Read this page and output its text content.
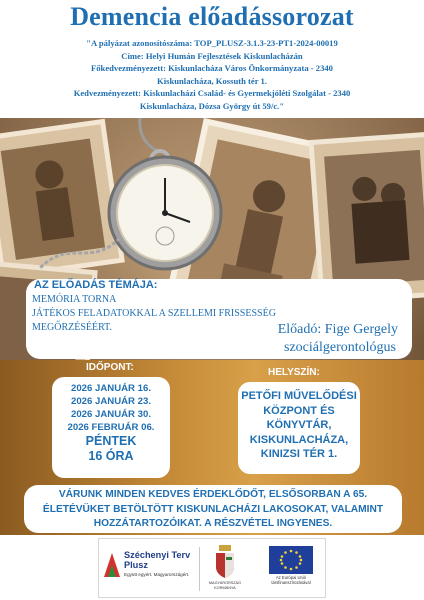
Demencia előadássorozat
"A pályázat azonosítószáma: TOP_PLUSZ-3.1.3-23-PT1-2024-00019
Címe: Helyi Humán Fejlesztések Kiskunlacházán
Főkedvezményezett: Kiskunlacháza Város Önkormányzata - 2340
Kiskunlacháza, Kossuth tér 1.
Kedvezményezett: Kiskunlacházi Család- és Gyermekjóléti Szolgálat - 2340
Kiskunlacháza, Dózsa György út 59/c."
AZ ELŐADÁS TÉMÁJA:
MEMÓRIA TORNA
JÁTÉKOS FELADATOKKAL A SZELLEMI FRISSESSÉG
MEGŐRZÉSÉÉRT.	Előadó: Fige Gergely
szociálgerontológus
IDŐPONT:	HELYSZÍN:
2026 JANUÁR 16.
2026 JANUÁR 23.
2026 JANUÁR 30.
2026 FEBRUÁR 06.
PÉNTEK
16 ÓRA
PETŐFI MŰVELŐDÉSI
KÖZPONT ÉS
KÖNYVTÁR,
KISKUNLACHÁZA,
KINIZSI TÉR 1.
VÁRUNK MINDEN KEDVES ÉRDEKLŐDŐT, ELSŐSORBAN A 65.
ÉLETÉVÜKET BETÖLTÖTT KISKUNLACHÁZI LAKOSOKAT, VALAMINT
HOZZÁTARTOZÓIKAT. A RÉSZVÉTEL INGYENES.
Széchenyi Terv Plusz
Együtt egyért. Magyarországért.
MAGYARORSZÁG KORMÁNYA
Az Európai Unió társfinanszírozásával
